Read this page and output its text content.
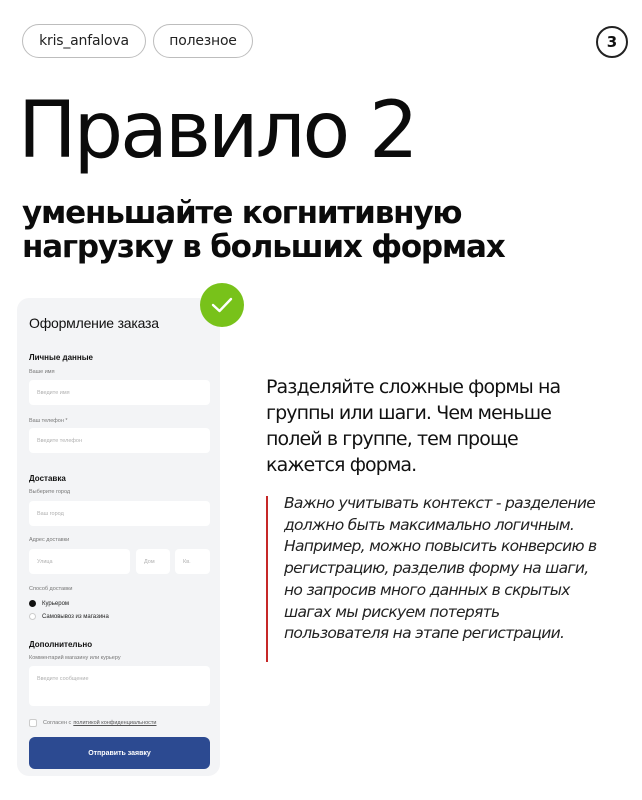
kris_anfalova	полезное	3
Правило 2
уменьшайте когнитивную нагрузку в больших формах
Оформление заказа
Личные данные
Ваше имя
Введите имя
Ваш телефон *
Введите телефон
Доставка
Выберите город
Ваш город
Адрес доставки
Улица	Дом	Кв.
Способ доставки
Курьером
Самовывоз из магазина
Дополнительно
Комментарий магазину или курьеру
Введите сообщение
Согласен с политикой конфиденциальности
Отправить заявку
Разделяйте сложные формы на группы или шаги. Чем меньше полей в группе, тем проще кажется форма.
Важно учитывать контекст - разделение должно быть максимально логичным. Например, можно повысить конверсию в регистрацию, разделив форму на шаги, но запросив много данных в скрытых шагах мы рискуем потерять пользователя на этапе регистрации.
